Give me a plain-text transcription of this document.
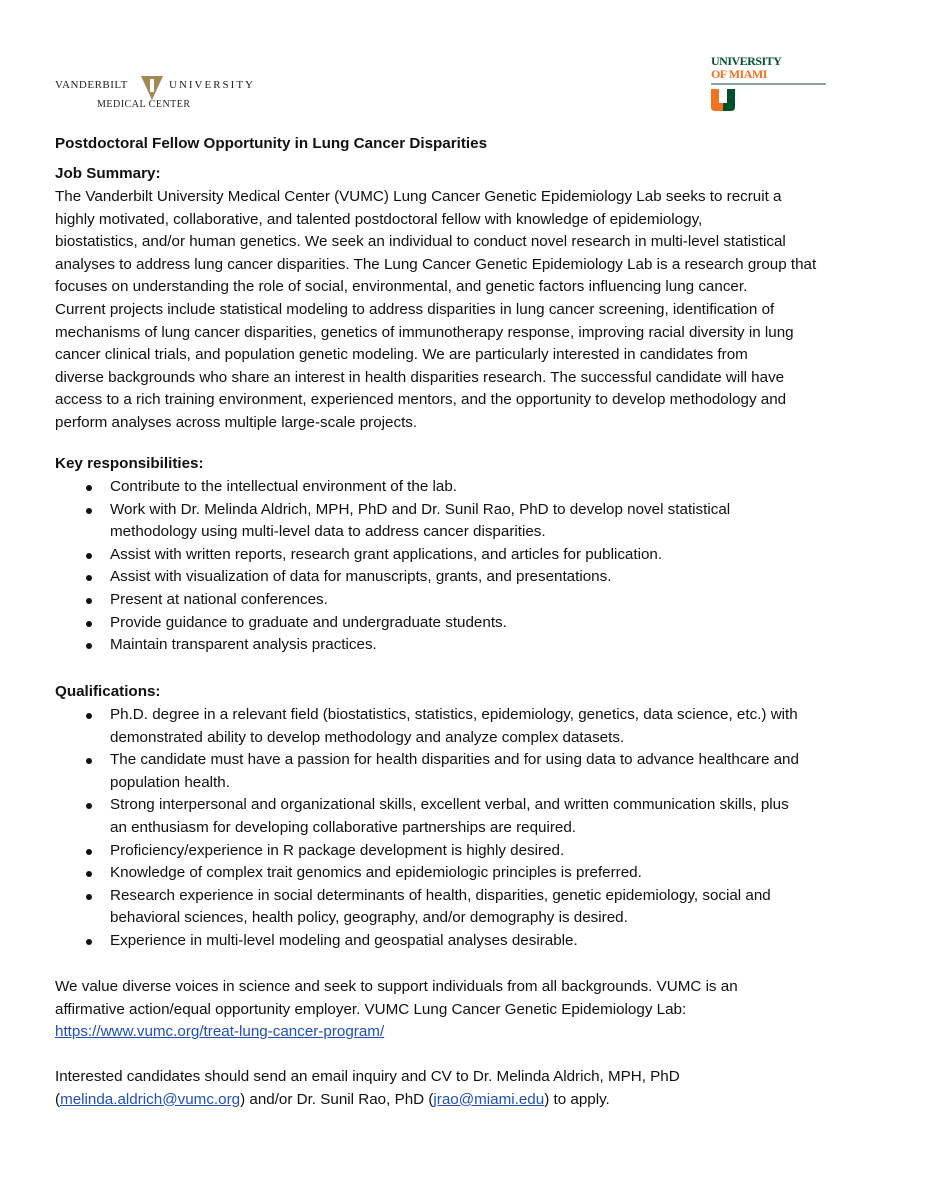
VANDERBILT	UNIVERSITY
MEDICAL CENTER
UNIVERSITY
OF MIAMI
Postdoctoral Fellow Opportunity in Lung Cancer Disparities
Job Summary:
The Vanderbilt University Medical Center (VUMC) Lung Cancer Genetic Epidemiology Lab seeks to recruit a
highly motivated, collaborative, and talented postdoctoral fellow with knowledge of epidemiology,
biostatistics, and/or human genetics. We seek an individual to conduct novel research in multi-level statistical
analyses to address lung cancer disparities. The Lung Cancer Genetic Epidemiology Lab is a research group that
focuses on understanding the role of social, environmental, and genetic factors influencing lung cancer.
Current projects include statistical modeling to address disparities in lung cancer screening, identification of
mechanisms of lung cancer disparities, genetics of immunotherapy response, improving racial diversity in lung
cancer clinical trials, and population genetic modeling. We are particularly interested in candidates from
diverse backgrounds who share an interest in health disparities research. The successful candidate will have
access to a rich training environment, experienced mentors, and the opportunity to develop methodology and
perform analyses across multiple large-scale projects.
Key responsibilities:
Contribute to the intellectual environment of the lab.
Work with Dr. Melinda Aldrich, MPH, PhD and Dr. Sunil Rao, PhD to develop novel statistical
methodology using multi-level data to address cancer disparities.
Assist with written reports, research grant applications, and articles for publication.
Assist with visualization of data for manuscripts, grants, and presentations.
Present at national conferences.
Provide guidance to graduate and undergraduate students.
Maintain transparent analysis practices.
Qualifications:
Ph.D. degree in a relevant field (biostatistics, statistics, epidemiology, genetics, data science, etc.) with
demonstrated ability to develop methodology and analyze complex datasets.
The candidate must have a passion for health disparities and for using data to advance healthcare and
population health.
Strong interpersonal and organizational skills, excellent verbal, and written communication skills, plus
an enthusiasm for developing collaborative partnerships are required.
Proficiency/experience in R package development is highly desired.
Knowledge of complex trait genomics and epidemiologic principles is preferred.
Research experience in social determinants of health, disparities, genetic epidemiology, social and
behavioral sciences, health policy, geography, and/or demography is desired.
Experience in multi-level modeling and geospatial analyses desirable.
We value diverse voices in science and seek to support individuals from all backgrounds. VUMC is an
affirmative action/equal opportunity employer. VUMC Lung Cancer Genetic Epidemiology Lab:
https://www.vumc.org/treat-lung-cancer-program/
Interested candidates should send an email inquiry and CV to Dr. Melinda Aldrich, MPH, PhD
(melinda.aldrich@vumc.org) and/or Dr. Sunil Rao, PhD (jrao@miami.edu) to apply.
